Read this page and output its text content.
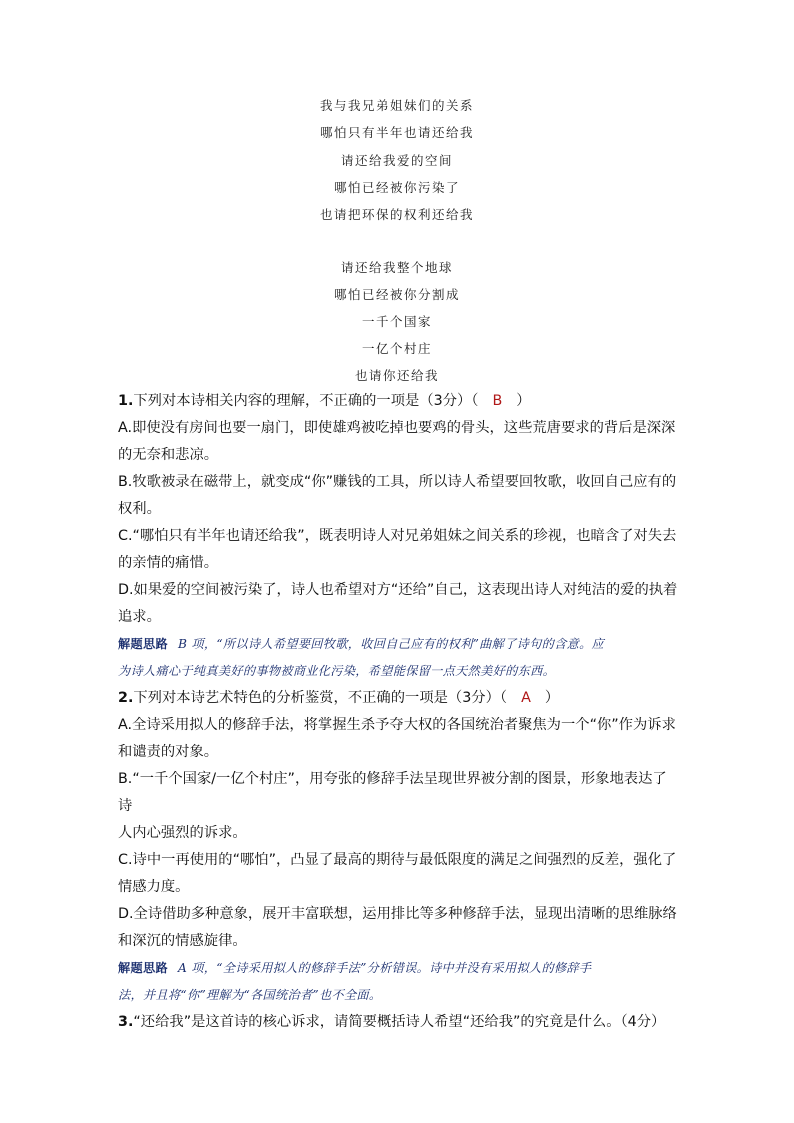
我与我兄弟姐妹们的关系
哪怕只有半年也请还给我
请还给我爱的空间
哪怕已经被你污染了
也请把环保的权利还给我
请还给我整个地球
哪怕已经被你分割成
一千个国家
一亿个村庄
也请你还给我

1.下列对本诗相关内容的理解，不正确的一项是（3分）（ B ）

A.即使没有房间也要一扇门，即使雄鸡被吃掉也要鸡的骨头，这些荒唐要求的背后是深深

的无奈和悲凉。

B.牧歌被录在磁带上，就变成“你”赚钱的工具，所以诗人希望要回牧歌，收回自己应有的

权利。

C.“哪怕只有半年也请还给我”，既表明诗人对兄弟姐妹之间关系的珍视，也暗含了对失去

的亲情的痛惜。

D.如果爱的空间被污染了，诗人也希望对方“还给”自己，这表现出诗人对纯洁的爱的执着

追求。

解题思路 B 项，“所以诗人希望要回牧歌，收回自己应有的权利”曲解了诗句的含意。应

为诗人痛心于纯真美好的事物被商业化污染，希望能保留一点天然美好的东西。

2.下列对本诗艺术特色的分析鉴赏，不正确的一项是（3分）（ A ）

A.全诗采用拟人的修辞手法，将掌握生杀予夺大权的各国统治者聚焦为一个“你”作为诉求

和谴责的对象。

B.“一千个国家/一亿个村庄”，用夸张的修辞手法呈现世界被分割的图景，形象地表达了诗

人内心强烈的诉求。

C.诗中一再使用的“哪怕”，凸显了最高的期待与最低限度的满足之间强烈的反差，强化了

情感力度。

D.全诗借助多种意象，展开丰富联想，运用排比等多种修辞手法，显现出清晰的思维脉络

和深沉的情感旋律。

解题思路 A 项，“全诗采用拟人的修辞手法”分析错误。诗中并没有采用拟人的修辞手

法，并且将“你”理解为“各国统治者”也不全面。

3.“还给我”是这首诗的核心诉求，请简要概括诗人希望“还给我”的究竟是什么。（4分）
